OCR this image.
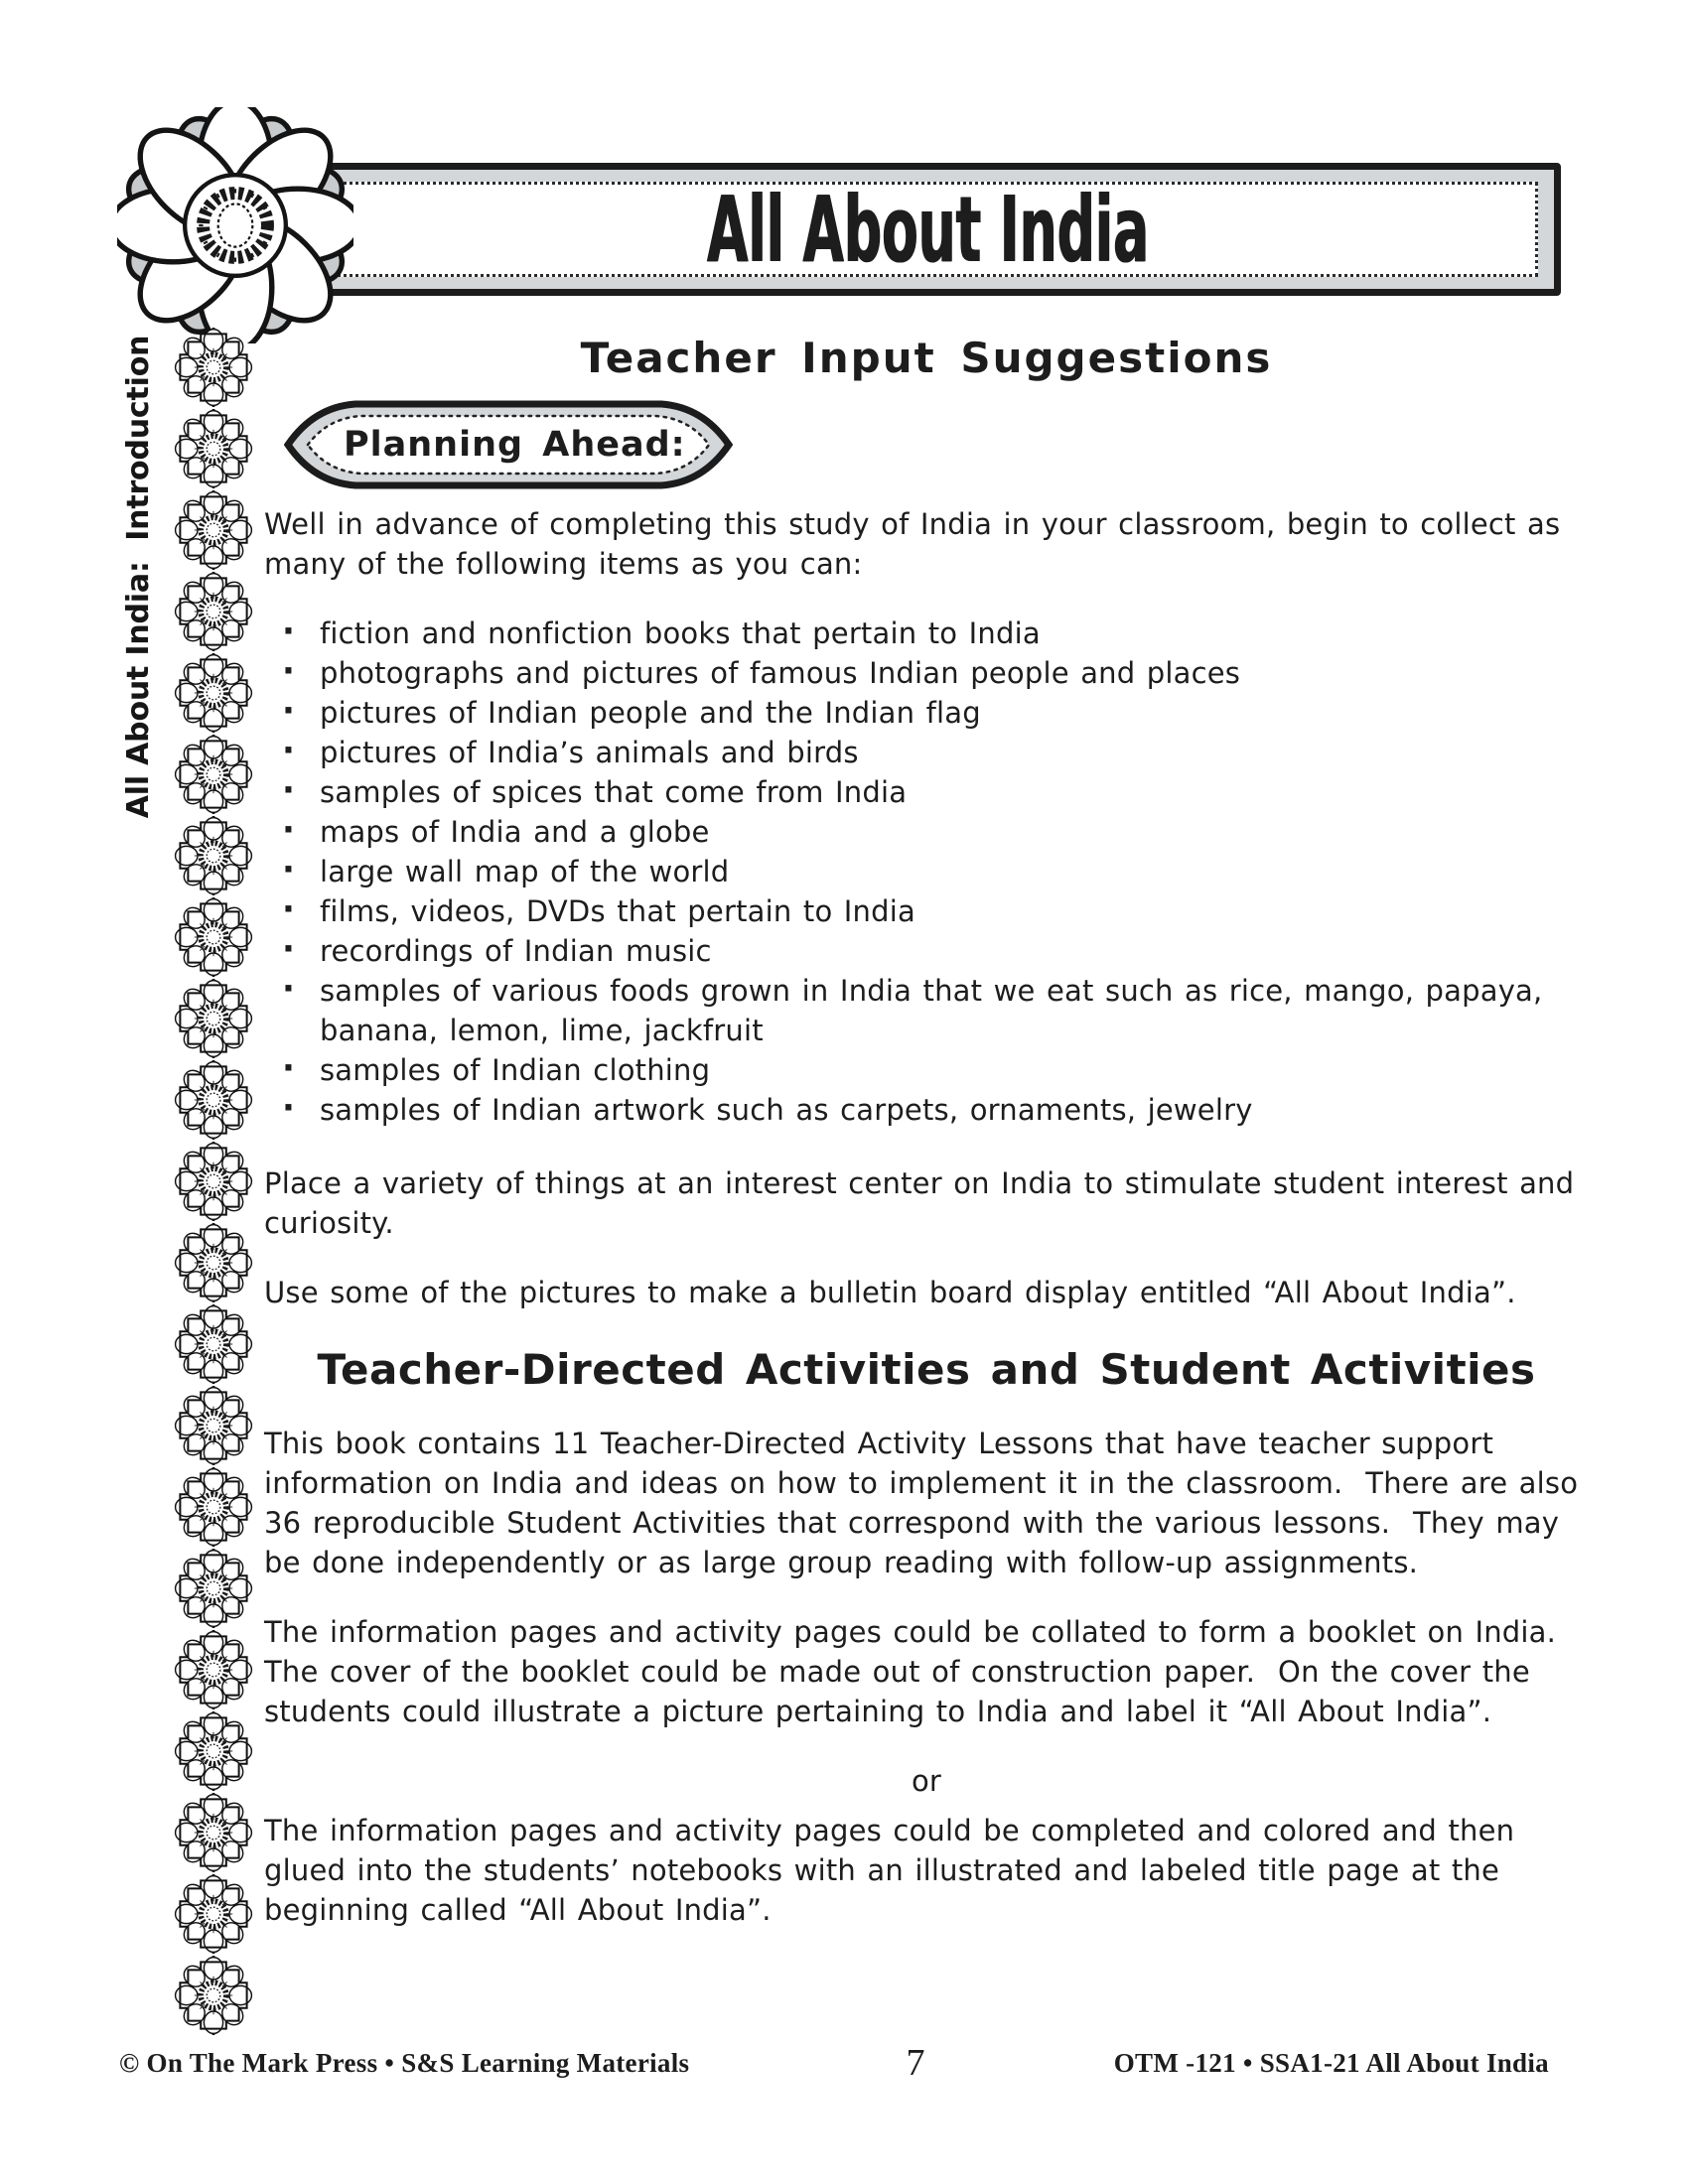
All About India
All About India:  Introduction	Teacher Input Suggestions
Planning Ahead:

Well in advance of completing this study of India in your classroom, begin to collect as many of the following items as you can:

· fiction and nonfiction books that pertain to India
· photographs and pictures of famous Indian people and places
· pictures of Indian people and the Indian flag
· pictures of India’s animals and birds
· samples of spices that come from India
· maps of India and a globe
· large wall map of the world
· films, videos, DVDs that pertain to India
· recordings of Indian music
· samples of various foods grown in India that we eat such as rice, mango, papaya, banana, lemon, lime, jackfruit
· samples of Indian clothing
· samples of Indian artwork such as carpets, ornaments, jewelry

Place a variety of things at an interest center on India to stimulate student interest and curiosity.

Use some of the pictures to make a bulletin board display entitled “All About India”.

Teacher-Directed Activities and Student Activities

This book contains 11 Teacher-Directed Activity Lessons that have teacher support information on India and ideas on how to implement it in the classroom.  There are also 36 reproducible Student Activities that correspond with the various lessons.  They may be done independently or as large group reading with follow-up assignments.

The information pages and activity pages could be collated to form a booklet on India.  The cover of the booklet could be made out of construction paper.  On the cover the students could illustrate a picture pertaining to India and label it “All About India”.

or

The information pages and activity pages could be completed and colored and then glued into the students’ notebooks with an illustrated and labeled title page at the beginning called “All About India”.

© On The Mark Press • S&S Learning Materials	7	OTM -121 • SSA1-21 All About India
